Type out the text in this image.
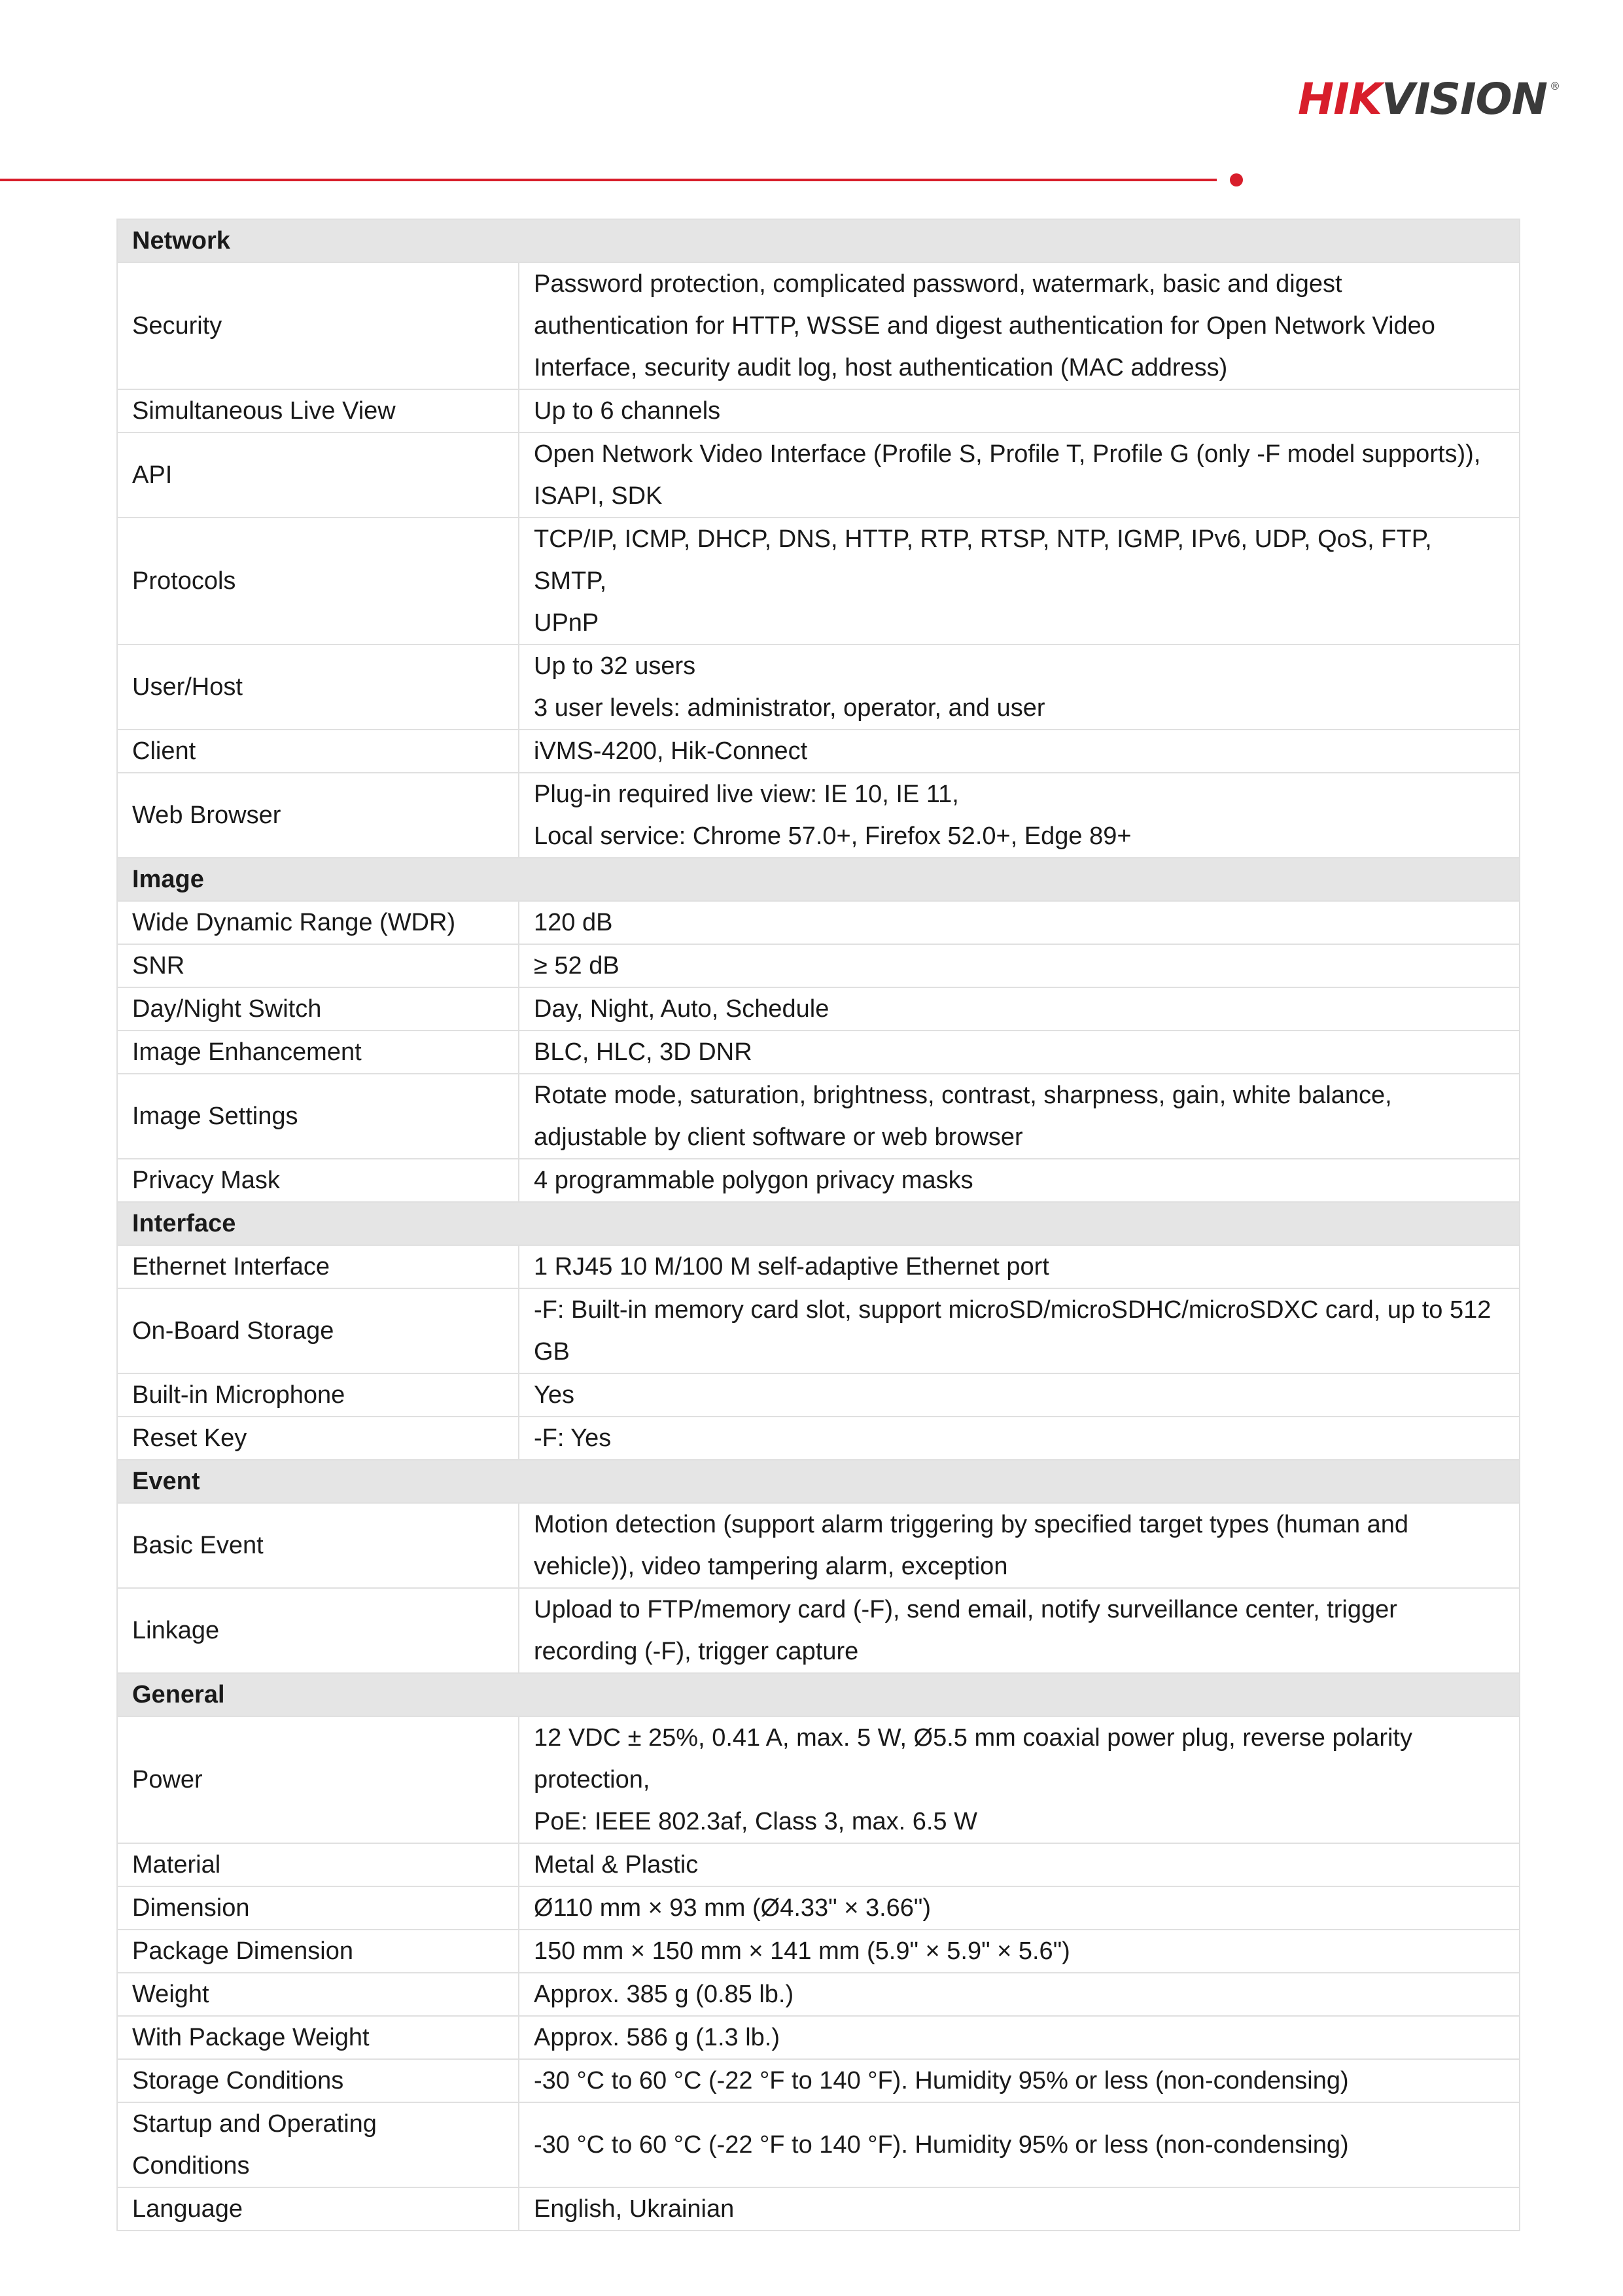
HIKVISION ®
Network	
Security	Password protection, complicated password, watermark, basic and digest
authentication for HTTP, WSSE and digest authentication for Open Network Video
Interface, security audit log, host authentication (MAC address)

Simultaneous Live View	Up to 6 channels

API	Open Network Video Interface (Profile S, Profile T, Profile G (only -F model supports)),
ISAPI, SDK

Protocols	TCP/IP, ICMP, DHCP, DNS, HTTP, RTP, RTSP, NTP, IGMP, IPv6, UDP, QoS, FTP, SMTP,
UPnP

User/Host	Up to 32 users
3 user levels: administrator, operator, and user

Client	iVMS-4200, Hik-Connect

Web Browser	Plug-in required live view: IE 10, IE 11,
Local service: Chrome 57.0+, Firefox 52.0+, Edge 89+

Image	
Wide Dynamic Range (WDR)	120 dB

SNR	≥ 52 dB

Day/Night Switch	Day, Night, Auto, Schedule

Image Enhancement	BLC, HLC, 3D DNR

Image Settings	Rotate mode, saturation, brightness, contrast, sharpness, gain, white balance,
adjustable by client software or web browser

Privacy Mask	4 programmable polygon privacy masks

Interface	
Ethernet Interface	1 RJ45 10 M/100 M self-adaptive Ethernet port

On-Board Storage	-F: Built-in memory card slot, support microSD/microSDHC/microSDXC card, up to 512
GB

Built-in Microphone	Yes

Reset Key	-F: Yes

Event	
Basic Event	Motion detection (support alarm triggering by specified target types (human and
vehicle)), video tampering alarm, exception

Linkage	Upload to FTP/memory card (-F), send email, notify surveillance center, trigger
recording (-F), trigger capture

General	
Power	12 VDC ± 25%, 0.41 A, max. 5 W, Ø5.5 mm coaxial power plug, reverse polarity
protection,
PoE: IEEE 802.3af, Class 3, max. 6.5 W

Material	Metal & Plastic

Dimension	Ø110 mm × 93 mm (Ø4.33" × 3.66")

Package Dimension	150 mm × 150 mm × 141 mm (5.9" × 5.9" × 5.6")

Weight	Approx. 385 g (0.85 lb.)

With Package Weight	Approx. 586 g (1.3 lb.)

Storage Conditions	-30 °C to 60 °C (-22 °F to 140 °F). Humidity 95% or less (non-condensing)

Startup and Operating
Conditions	-30 °C to 60 °C (-22 °F to 140 °F). Humidity 95% or less (non-condensing)

Language	English, Ukrainian
